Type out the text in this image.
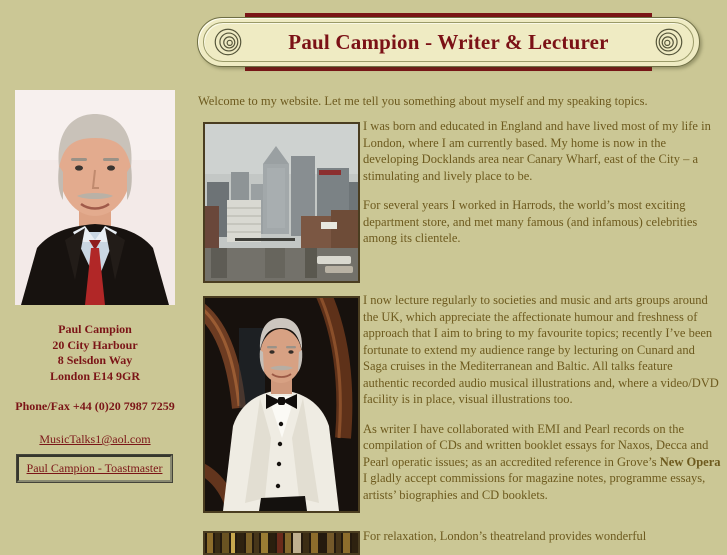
Paul Campion - Writer & Lecturer
Paul Campion
20 City Harbour
8 Selsdon Way
London E14 9GR
Phone/Fax +44 (0)20 7987 7259
MusicTalks1@aol.com
Paul Campion - Toastmaster
Welcome to my website. Let me tell you something about myself and my speaking topics.

I was born and educated in England and have lived most of my life in London, where I am currently based. My home is now in the developing Docklands area near Canary Wharf, east of the City – a stimulating and lively place to be.

For several years I worked in Harrods, the world’s most exciting department store, and met many famous (and infamous) celebrities among its clientele.

I now lecture regularly to societies and music and arts groups around the UK, which appreciate the affectionate humour and freshness of approach that I aim to bring to my favourite topics; recently I’ve been fortunate to extend my audience range by lecturing on Cunard and Saga cruises in the Mediterranean and Baltic. All talks feature authentic recorded audio musical illustrations and, where a video/DVD facility is in place, visual illustrations too.

As writer I have collaborated with EMI and Pearl records on the compilation of CDs and written booklet essays for Naxos, Decca and Pearl operatic issues; as an accredited reference in Grove’s New Opera I gladly accept commissions for magazine notes, programme essays, artists’ biographies and CD booklets.

For relaxation, London’s theatreland provides wonderful
